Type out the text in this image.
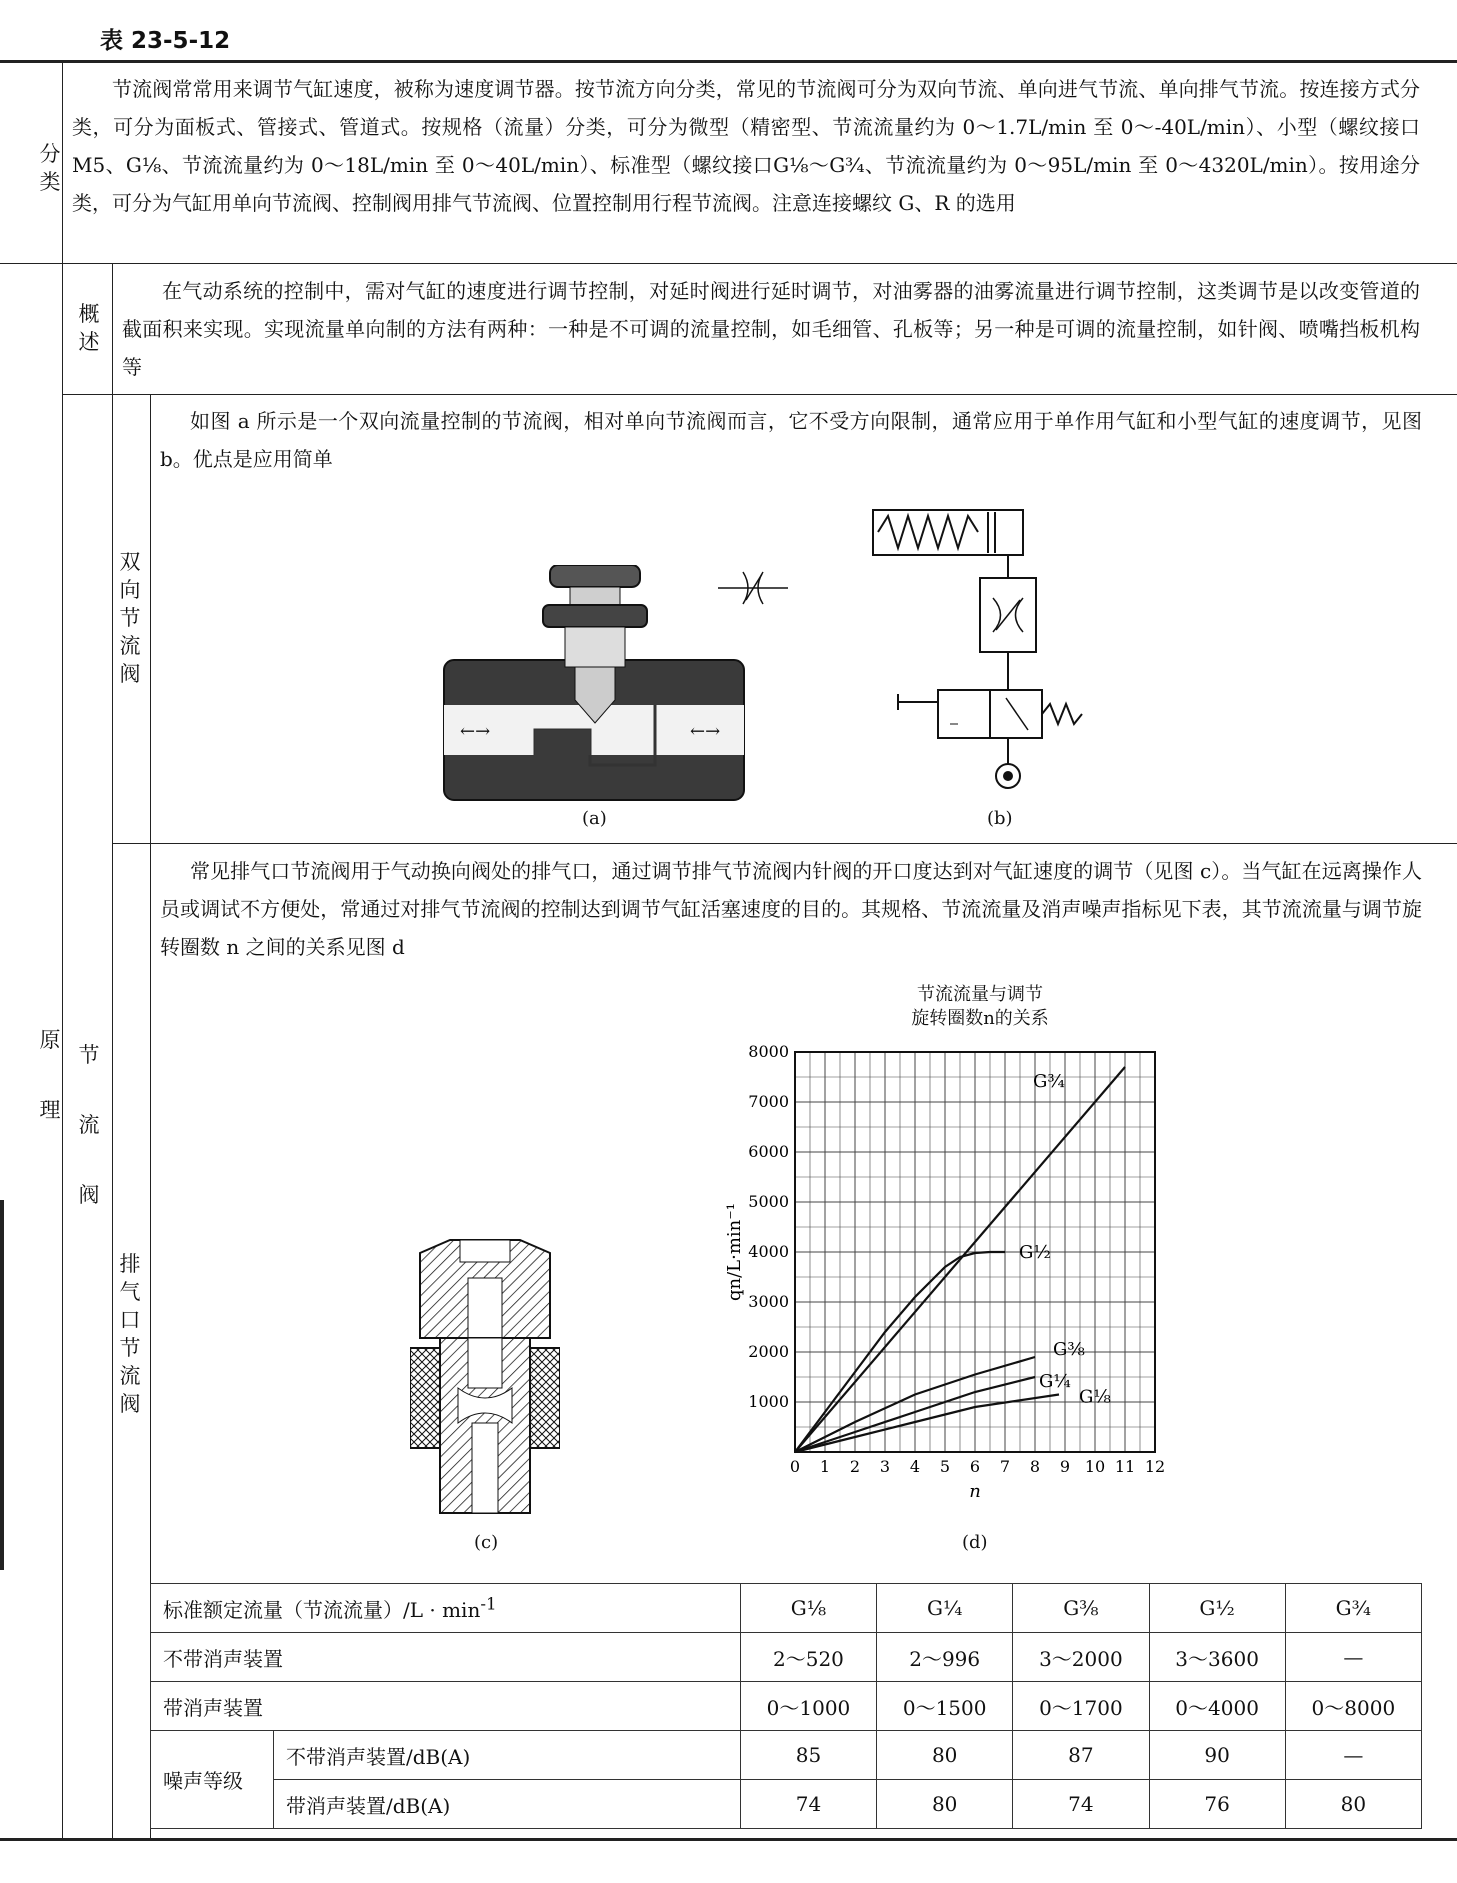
表 23-5-12
分类
节流阀常常用来调节气缸速度，被称为速度调节器。按节流方向分类，常见的节流阀可分为双向节流、单向进气节流、单向排气节流。按连接方式分类，可分为面板式、管接式、管道式。按规格（流量）分类，可分为微型（精密型、节流流量约为 0～1.7L/min 至 0～-40L/min）、小型（螺纹接口 M5、G⅛、节流流量约为 0～18L/min 至 0～40L/min）、标准型（螺纹接口G⅛～G¾、节流流量约为 0～95L/min 至 0～4320L/min）。按用途分类，可分为气缸用单向节流阀、控制阀用排气节流阀、位置控制用行程节流阀。注意连接螺纹 G、R 的选用
原理
概述
在气动系统的控制中，需对气缸的速度进行调节控制，对延时阀进行延时调节，对油雾器的油雾流量进行调节控制，这类调节是以改变管道的截面积来实现。实现流量单向制的方法有两种：一种是不可调的流量控制，如毛细管、孔板等；另一种是可调的流量控制，如针阀、喷嘴挡板机构等
节流阀
双向节流阀
如图 a 所示是一个双向流量控制的节流阀，相对单向节流阀而言，它不受方向限制，通常应用于单作用气缸和小型气缸的速度调节，见图 b。优点是应用简单
←→	←→
(a)	(b)
排气口节流阀
常见排气口节流阀用于气动换向阀处的排气口，通过调节排气节流阀内针阀的开口度达到对气缸速度的调节（见图 c）。当气缸在远离操作人员或调试不方便处，常通过对排气节流阀的控制达到调节气缸活塞速度的目的。其规格、节流流量及消声噪声指标见下表，其节流流量与调节旋转圈数 n 之间的关系见图 d
(c)
节流流量与调节
旋转圈数n的关系
0 1 2 3 4 5 6 7 8 9 10 11 12
1000
2000
3000
4000
5000
6000
7000
8000
n
qn/L·min⁻¹
G¾
G½
G⅜
G¼
G⅛
(d)
标准额定流量（节流流量）$/L \cdot \min^{-1}$		G⅛	G¼	G⅜	G½	G¾
不带消声装置		2～520	2～996	3～2000	3～3600	—
带消声装置		0～1000	0～1500	0～1700	0～4000	0～8000
噪声等级	不带消声装置/dB(A)	85	80	87	90	—
	带消声装置/dB(A)	74	80	74	76	80
